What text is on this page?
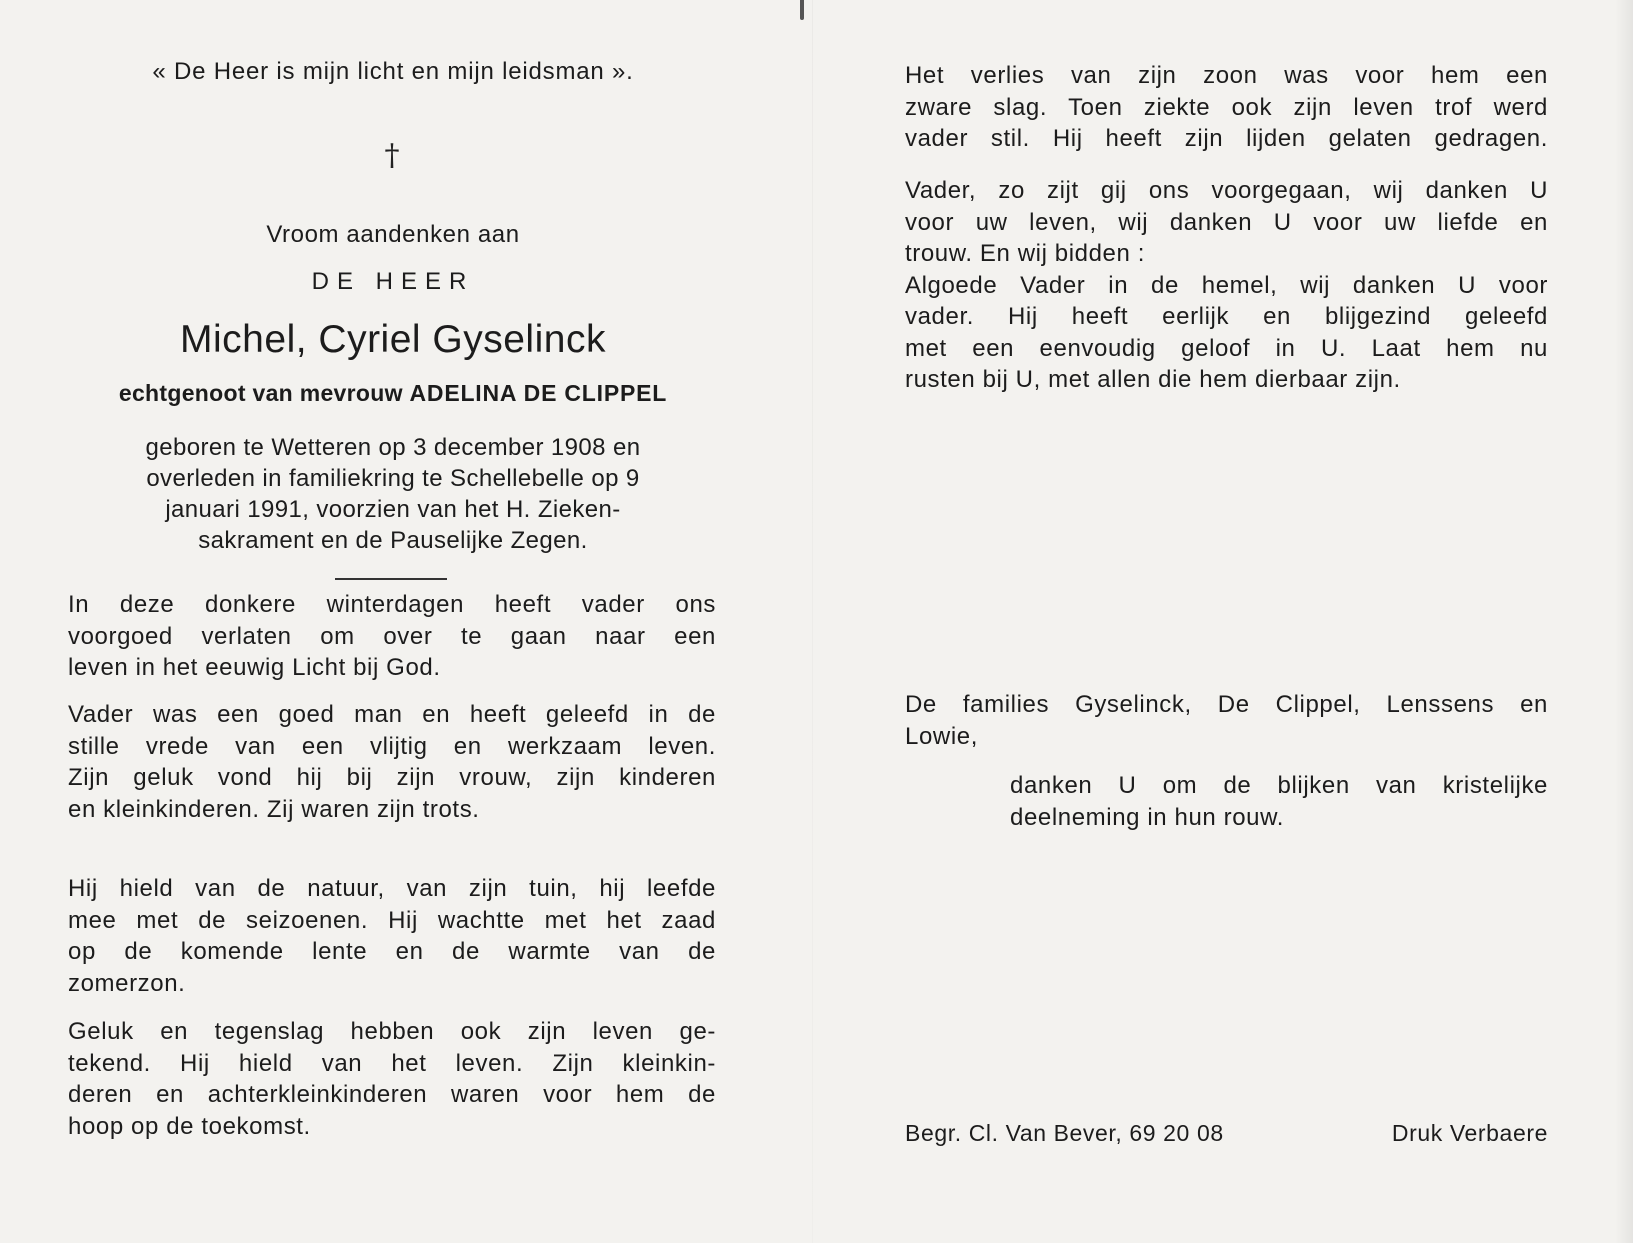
« De Heer is mijn licht en mijn leidsman ».
†
Vroom aandenken aan
DE HEER
Michel, Cyriel Gyselinck
echtgenoot van mevrouw ADELINA DE CLIPPEL
geboren te Wetteren op 3 december 1908 en
overleden in familiekring te Schellebelle op 9
januari 1991, voorzien van het H. Zieken-
sakrament en de Pauselijke Zegen.
In deze donkere winterdagen heeft vader ons
voorgoed verlaten om over te gaan naar een
leven in het eeuwig Licht bij God.
Vader was een goed man en heeft geleefd in de
stille vrede van een vlijtig en werkzaam leven.
Zijn geluk vond hij bij zijn vrouw, zijn kinderen
en kleinkinderen. Zij waren zijn trots.
Hij hield van de natuur, van zijn tuin, hij leefde
mee met de seizoenen. Hij wachtte met het zaad
op de komende lente en de warmte van de
zomerzon.
Geluk en tegenslag hebben ook zijn leven ge-
tekend. Hij hield van het leven. Zijn kleinkin-
deren en achterkleinkinderen waren voor hem de
hoop op de toekomst.
Het verlies van zijn zoon was voor hem een
zware slag. Toen ziekte ook zijn leven trof werd
vader stil. Hij heeft zijn lijden gelaten gedragen.
Vader, zo zijt gij ons voorgegaan, wij danken U
voor uw leven, wij danken U voor uw liefde en
trouw. En wij bidden :
Algoede Vader in de hemel, wij danken U voor
vader. Hij heeft eerlijk en blijgezind geleefd
met een eenvoudig geloof in U. Laat hem nu
rusten bij U, met allen die hem dierbaar zijn.
De families Gyselinck, De Clippel, Lenssens en
Lowie,
danken U om de blijken van kristelijke
deelneming in hun rouw.
Begr. Cl. Van Bever, 69 20 08	Druk Verbaere
